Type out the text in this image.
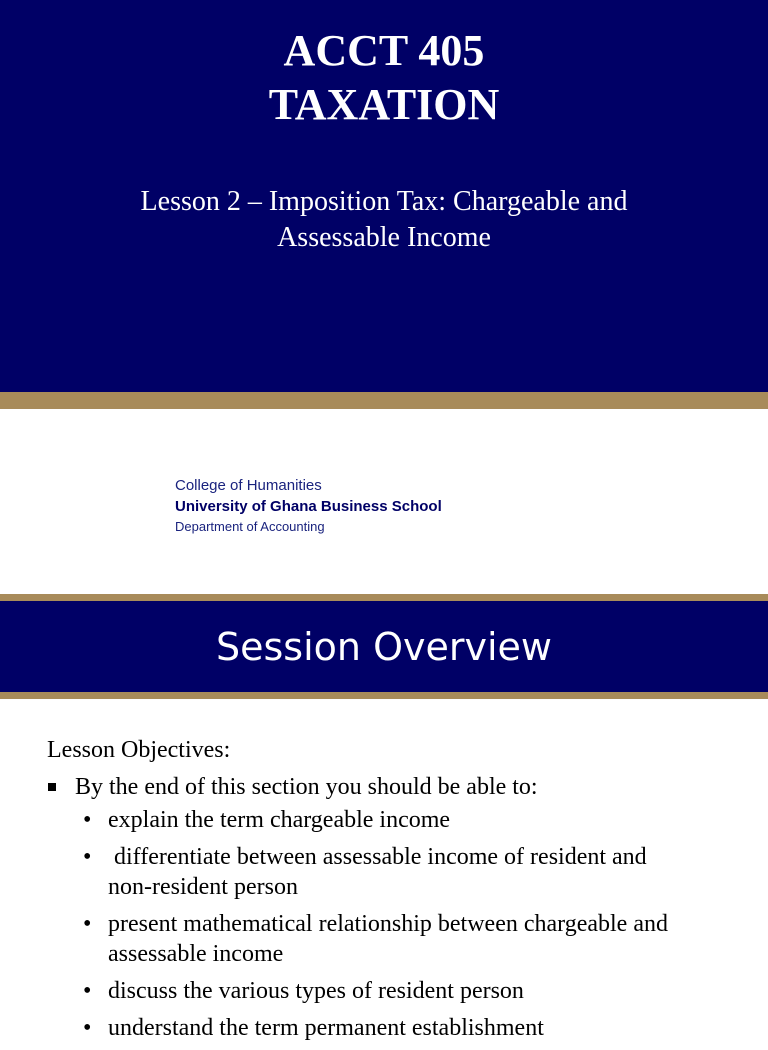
ACCT 405
TAXATION
Lesson 2 – Imposition Tax: Chargeable and
Assessable Income
College of Humanities
University of Ghana Business School
Department of Accounting
Session Overview
Lesson Objectives:
By the end of this section you should be able to:
• explain the term chargeable income
• differentiate between assessable income of resident and
non-resident person
• present mathematical relationship between chargeable and
assessable income
• discuss the various types of resident person
• understand the term permanent establishment
